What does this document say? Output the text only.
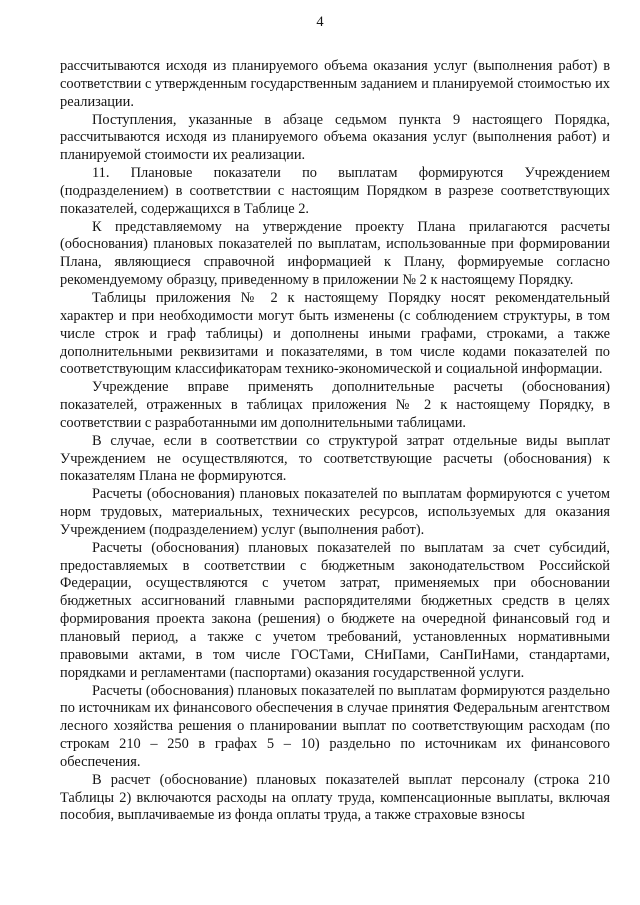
4

рассчитываются исходя из планируемого объема оказания услуг (выполнения работ) в соответствии с утвержденным государственным заданием и планируемой стоимостью их реализации.

Поступления, указанные в абзаце седьмом пункта 9 настоящего Порядка, рассчитываются исходя из планируемого объема оказания услуг (выполнения работ) и планируемой стоимости их реализации.

11. Плановые показатели по выплатам формируются Учреждением (подразделением) в соответствии с настоящим Порядком в разрезе соответствующих показателей, содержащихся в Таблице 2.

К представляемому на утверждение проекту Плана прилагаются расчеты (обоснования) плановых показателей по выплатам, использованные при формировании Плана, являющиеся справочной информацией к Плану, формируемые согласно рекомендуемому образцу, приведенному в приложении № 2 к настоящему Порядку.

Таблицы приложения № 2 к настоящему Порядку носят рекомендательный характер и при необходимости могут быть изменены (с соблюдением структуры, в том числе строк и граф таблицы) и дополнены иными графами, строками, а также дополнительными реквизитами и показателями, в том числе кодами показателей по соответствующим классификаторам технико-экономической и социальной информации.

Учреждение вправе применять дополнительные расчеты (обоснования) показателей, отраженных в таблицах приложения № 2 к настоящему Порядку, в соответствии с разработанными им дополнительными таблицами.

В случае, если в соответствии со структурой затрат отдельные виды выплат Учреждением не осуществляются, то соответствующие расчеты (обоснования) к показателям Плана не формируются.

Расчеты (обоснования) плановых показателей по выплатам формируются с учетом норм трудовых, материальных, технических ресурсов, используемых для оказания Учреждением (подразделением) услуг (выполнения работ).

Расчеты (обоснования) плановых показателей по выплатам за счет субсидий, предоставляемых в соответствии с бюджетным законодательством Российской Федерации, осуществляются с учетом затрат, применяемых при обосновании бюджетных ассигнований главными распорядителями бюджетных средств в целях формирования проекта закона (решения) о бюджете на очередной финансовый год и плановый период, а также с учетом требований, установленных нормативными правовыми актами, в том числе ГОСТами, СНиПами, СанПиНами, стандартами, порядками и регламентами (паспортами) оказания государственной услуги.

Расчеты (обоснования) плановых показателей по выплатам формируются раздельно по источникам их финансового обеспечения в случае принятия Федеральным агентством лесного хозяйства решения о планировании выплат по соответствующим расходам (по строкам 210 – 250 в графах 5 – 10) раздельно по источникам их финансового обеспечения.

В расчет (обоснование) плановых показателей выплат персоналу (строка 210 Таблицы 2) включаются расходы на оплату труда, компенсационные выплаты, включая пособия, выплачиваемые из фонда оплаты труда, а также страховые взносы
